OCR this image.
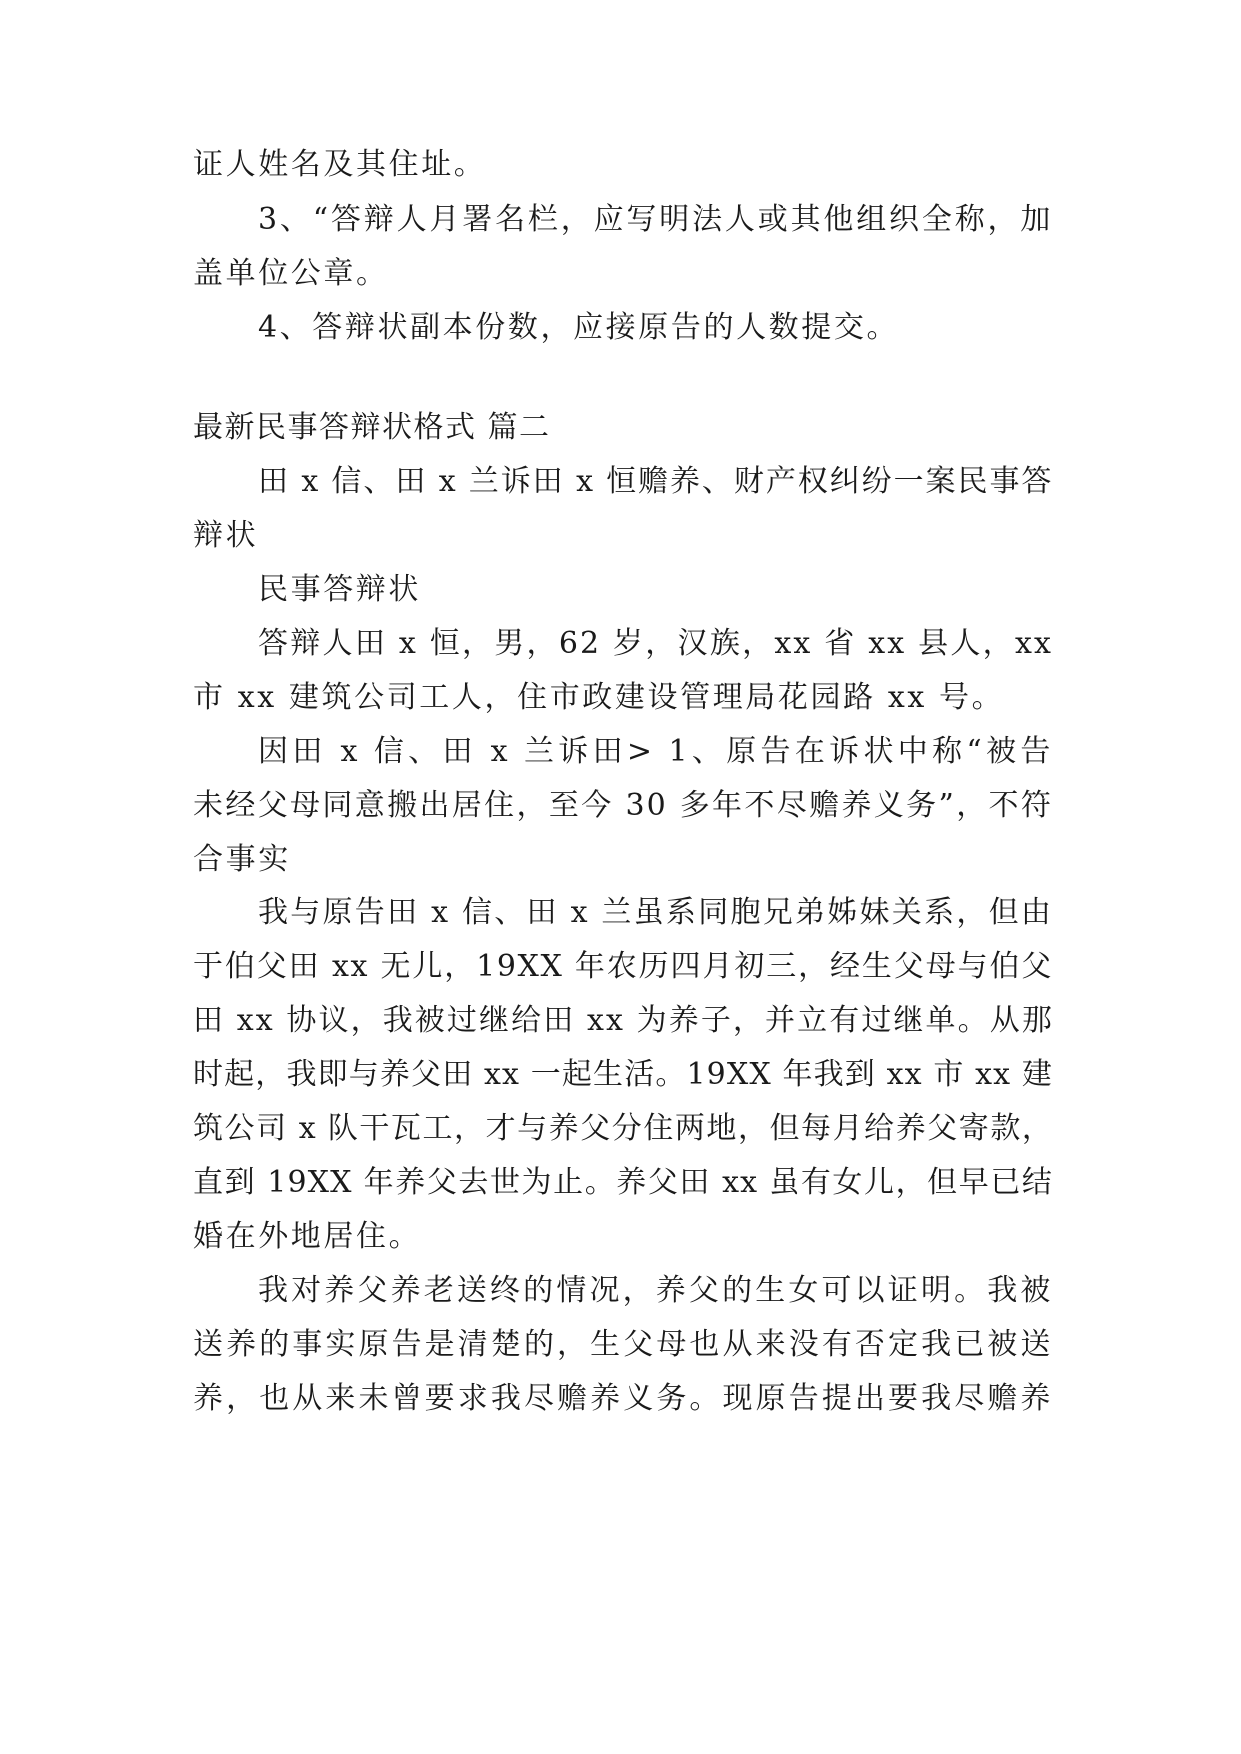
证人姓名及其住址。
3、“答辩人月署名栏，应写明法人或其他组织全称，加
盖单位公章。
4、答辩状副本份数，应接原告的人数提交。
最新民事答辩状格式 篇二
田 x 信、田 x 兰诉田 x 恒赡养、财产权纠纷一案民事答
辩状
民事答辩状
答辩人田 x 恒，男，62 岁，汉族，xx 省 xx 县人，xx
市 xx 建筑公司工人，住市政建设管理局花园路 xx 号。
因田 x 信、田 x 兰诉田> 1、原告在诉状中称“被告
未经父母同意搬出居住，至今 30 多年不尽赡养义务”，不符
合事实
我与原告田 x 信、田 x 兰虽系同胞兄弟姊妹关系，但由
于伯父田 xx 无儿，19XX 年农历四月初三，经生父母与伯父
田 xx 协议，我被过继给田 xx 为养子，并立有过继单。从那
时起，我即与养父田 xx 一起生活。19XX 年我到 xx 市 xx 建
筑公司 x 队干瓦工，才与养父分住两地，但每月给养父寄款，
直到 19XX 年养父去世为止。养父田 xx 虽有女儿，但早已结
婚在外地居住。
我对养父养老送终的情况，养父的生女可以证明。我被
送养的事实原告是清楚的，生父母也从来没有否定我已被送
养，也从来未曾要求我尽赡养义务。现原告提出要我尽赡养
